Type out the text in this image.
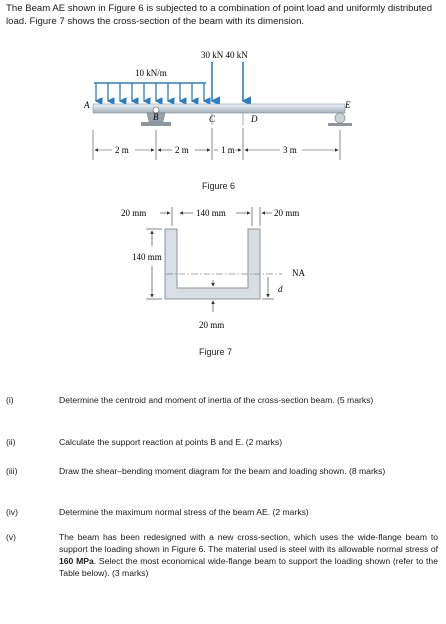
The Beam AE shown in Figure 6 is subjected to a combination of point load and uniformly distributed load. Figure 7 shows the cross-section of the beam with its dimension.
10 kN/m
30 kN 40 kN
A
B	C	D
E
2 m	2 m	1 m	3 m
Figure 6
20 mm	140 mm	20 mm
140 mm
NA
d
20 mm
Figure 7
(i)	Determine the centroid and moment of inertia of the cross-section beam. (5 marks)
(ii)	Calculate the support reaction at points B and E. (2 marks)
(iii)	Draw the shear–bending moment diagram for the beam and loading shown. (8 marks)
(iv)	Determine the maximum normal stress of the beam AE. (2 marks)
(v)	The beam has been redesigned with a new cross-section, which uses the wide-flange beam to support the loading shown in Figure 6. The material used is steel with its allowable normal stress of 160 MPa. Select the most economical wide-flange beam to support the loading shown (refer to the Table below). (3 marks)
